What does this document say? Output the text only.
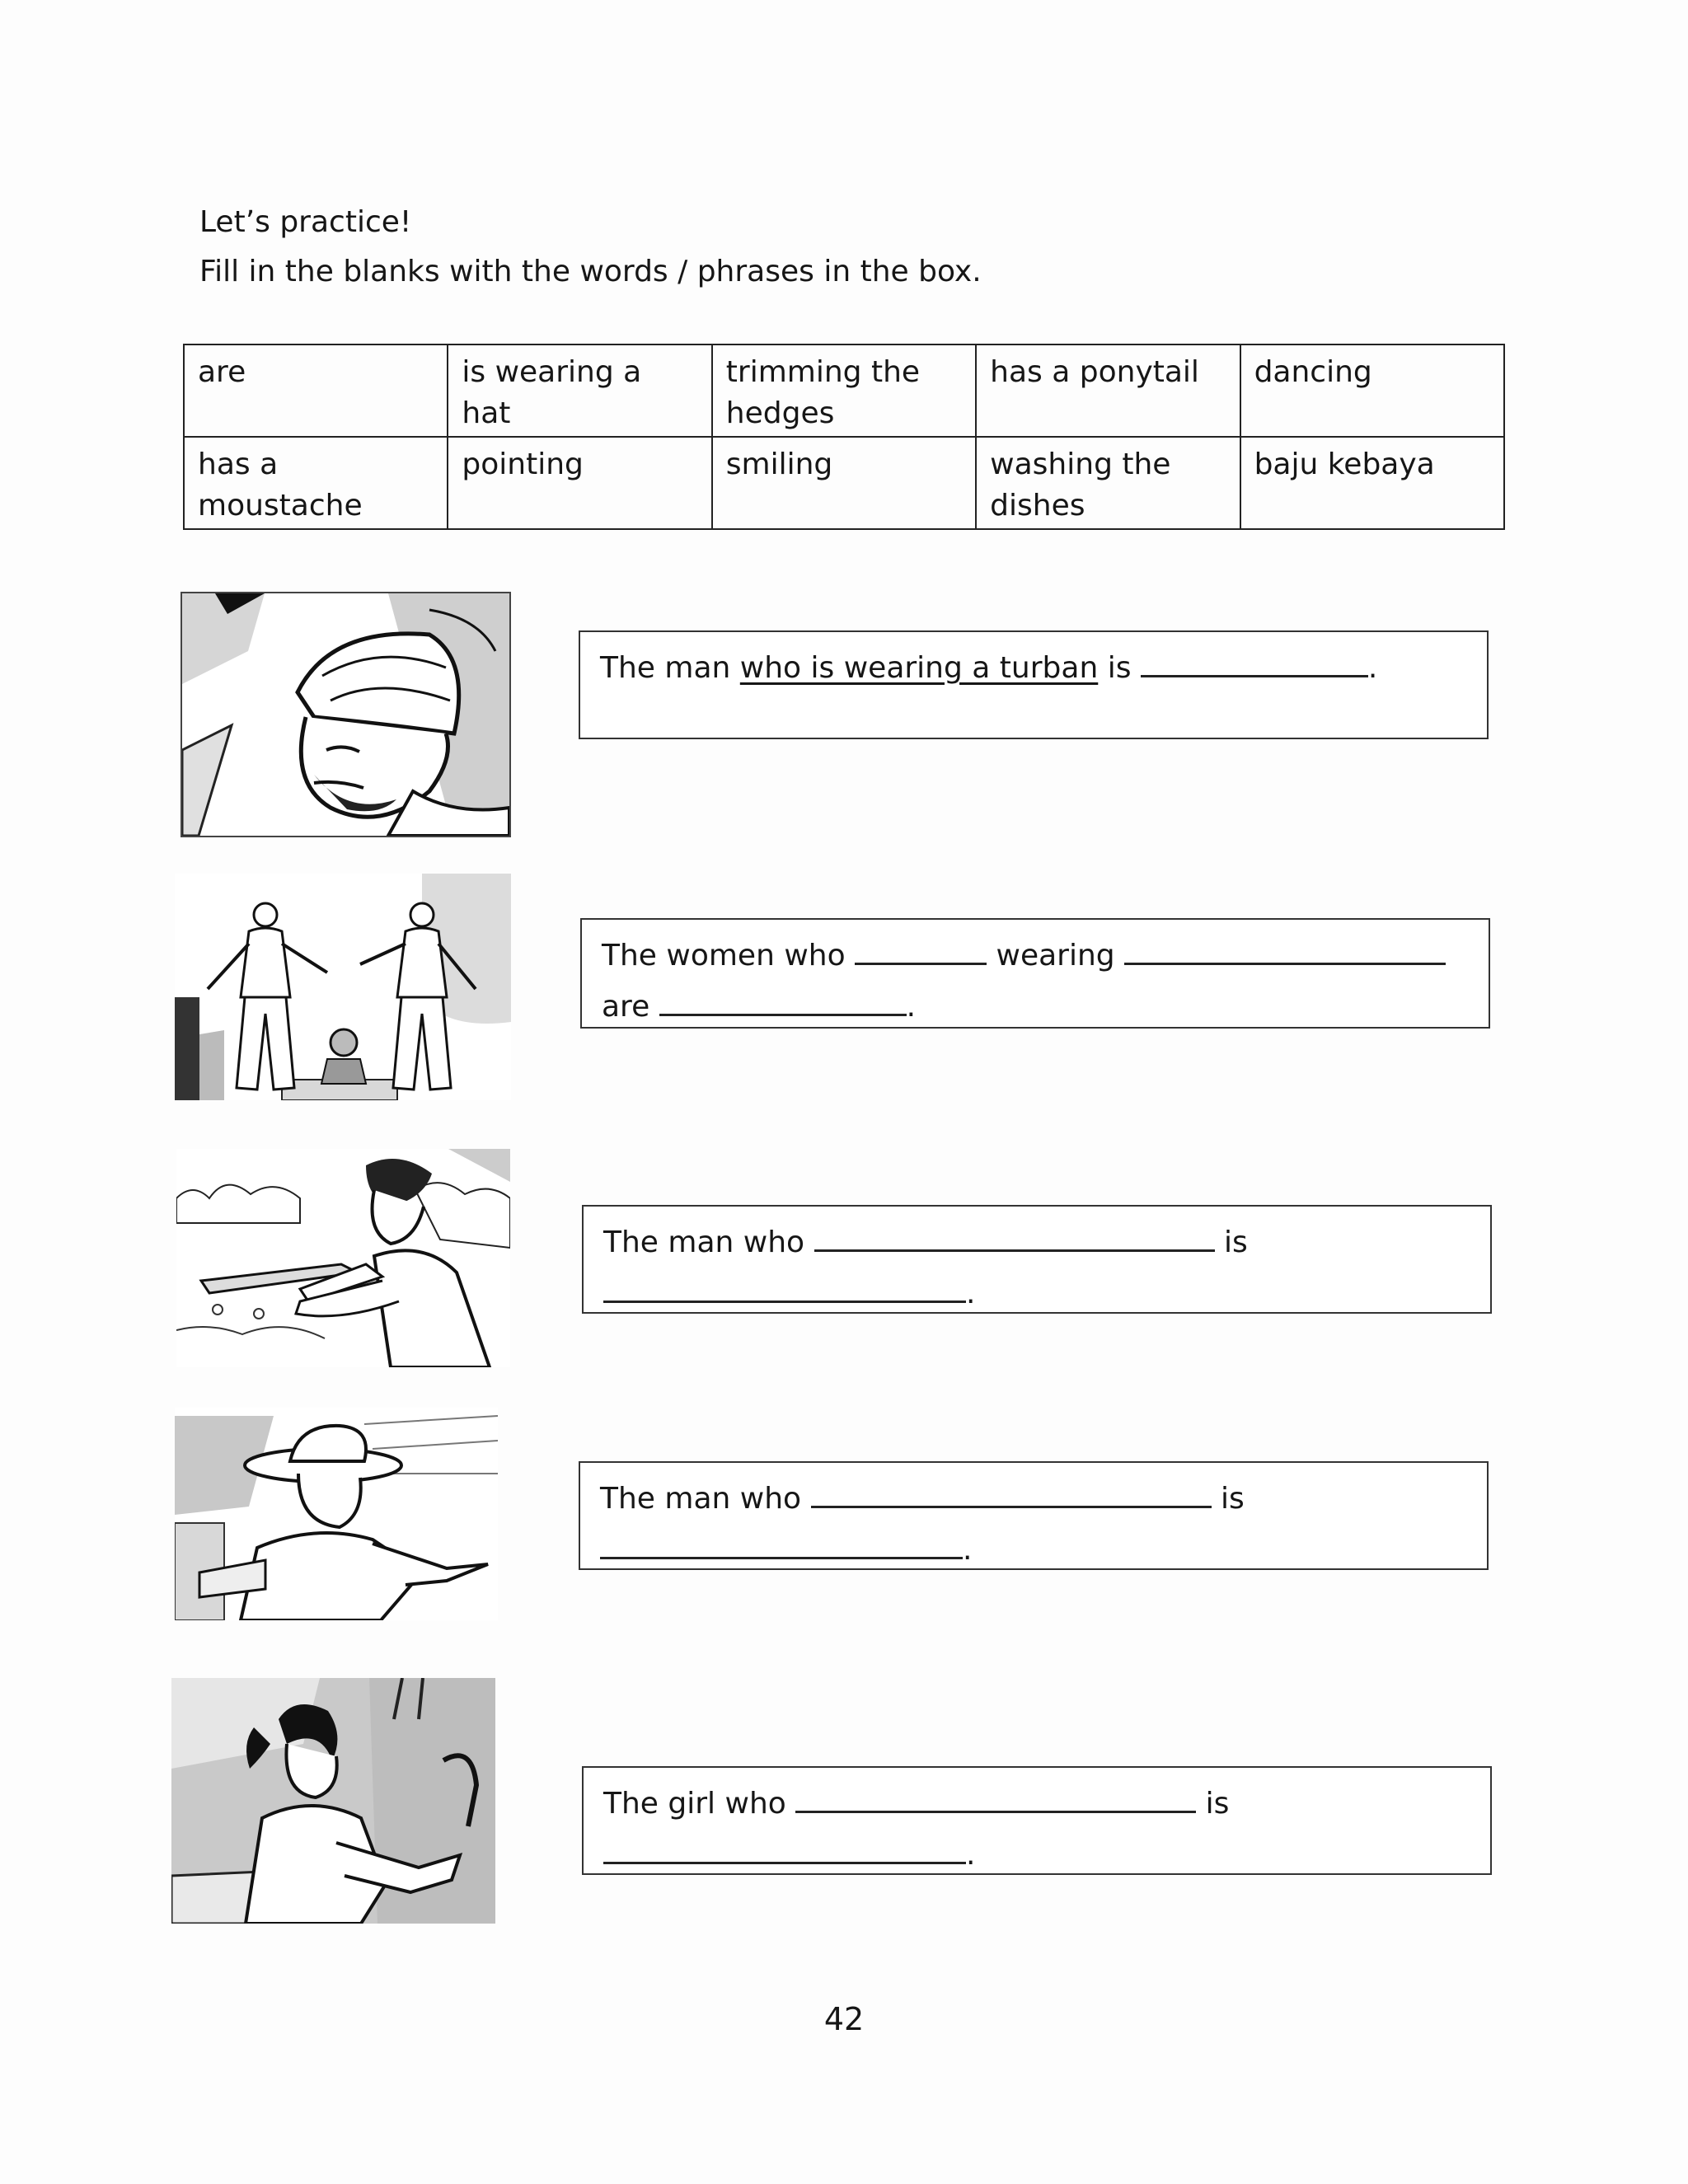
Let’s practice!
Fill in the blanks with the words / phrases in the box.
are	is wearing a hat	trimming the hedges	has a ponytail	dancing
has a moustache	pointing	smiling	washing the dishes	baju kebaya
The man who is wearing a turban is	.
The women who	wearing
are	.
The man who	is
.
The man who	is
.
The girl who	is
.
42
